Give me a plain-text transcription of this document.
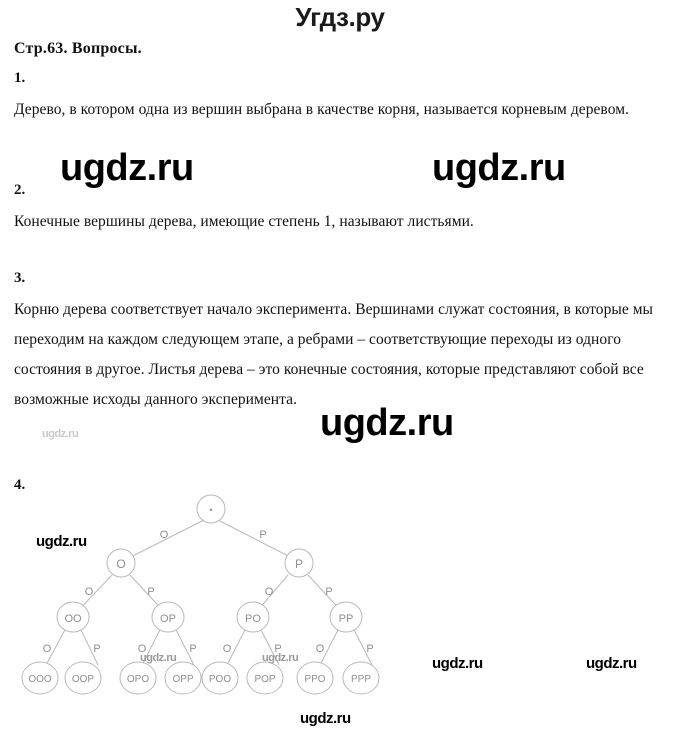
Угдз.ру
Стр.63. Вопросы.
1.
Дерево, в котором одна из вершин выбрана в качестве корня, называется корневым деревом.
2.
Конечные вершины дерева, имеющие степень 1, называют листьями.
3.
Корню дерева соответствует начало эксперимента. Вершинами служат состояния, в которые мы переходим на каждом следующем этапе, а ребрами – соответствующие переходы из одного состояния в другое. Листья дерева – это конечные состояния, которые представляют собой все возможные исходы данного эксперимента.
4.
•
O	P
OO	OP	PO	PP
OOO OOP	OPO OPP POO POP	PPO	PPP
O	P
O	P	O	P
O	P	O	P O	P	O	P
ugdz.ru	ugdz.ru
ugdz.ru
ugdz.ru
ugdz.ru
ugdz.ru	ugdz.ru	ugdz.ru	ugdz.ru
ugdz.ru
